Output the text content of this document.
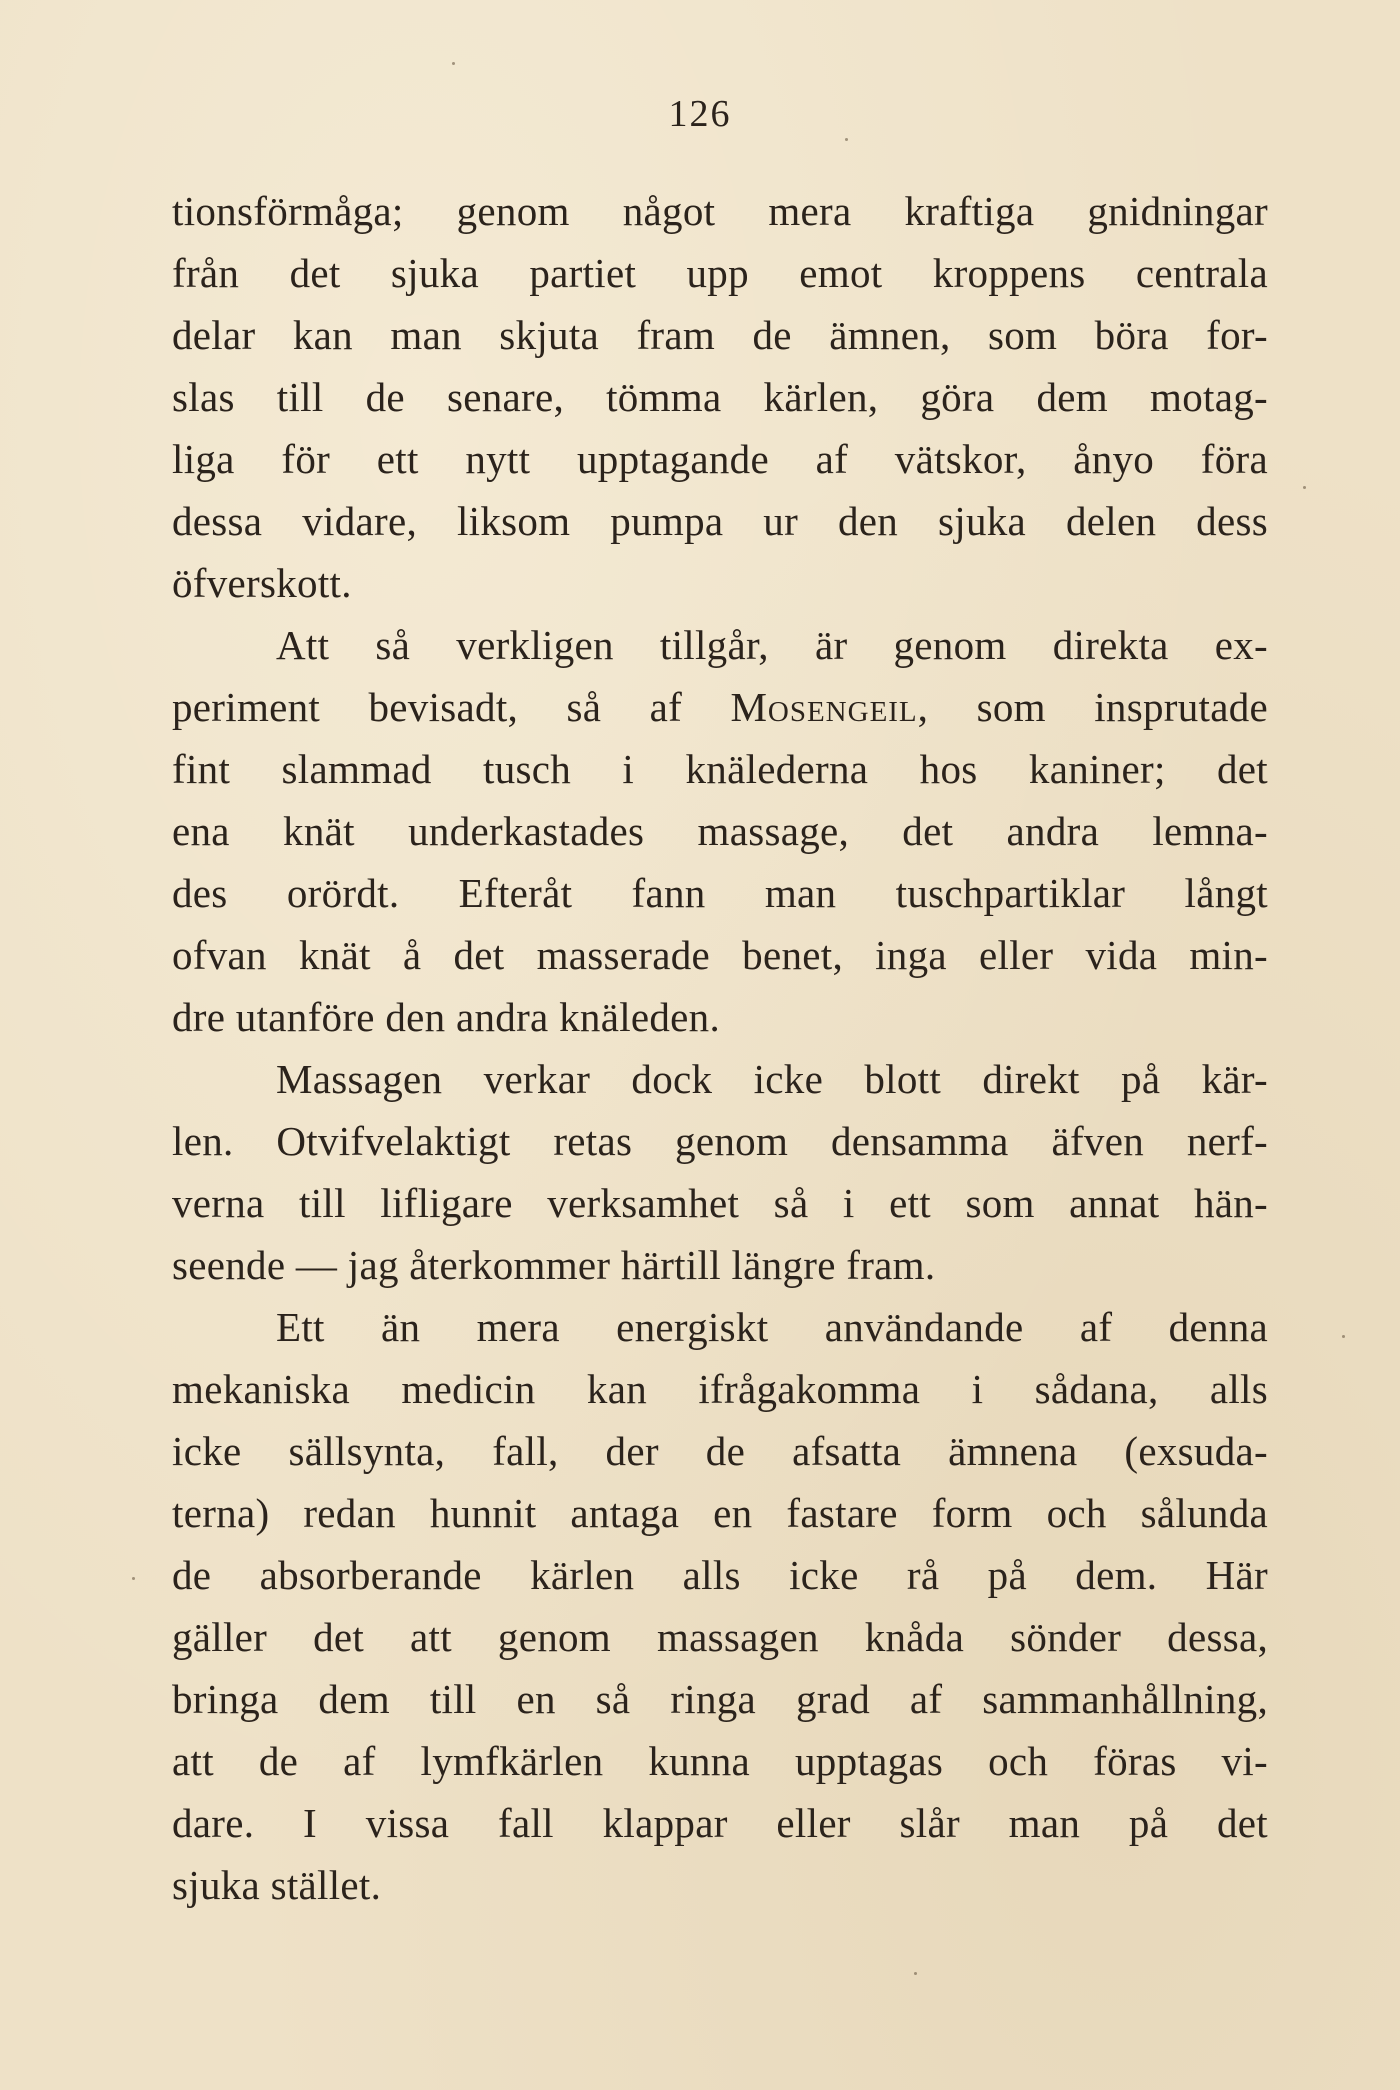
126
tionsförmåga; genom något mera kraftiga gnidningar
från det sjuka partiet upp emot kroppens centrala
delar kan man skjuta fram de ämnen, som böra for-
slas till de senare, tömma kärlen, göra dem motag-
liga för ett nytt upptagande af vätskor, ånyo föra
dessa vidare, liksom pumpa ur den sjuka delen dess
öfverskott.
Att så verkligen tillgår, är genom direkta ex-
periment bevisadt, så af Mosengeil, som insprutade
fint slammad tusch i knälederna hos kaniner; det
ena knät underkastades massage, det andra lemna-
des orördt. Efteråt fann man tuschpartiklar långt
ofvan knät å det masserade benet, inga eller vida min-
dre utanföre den andra knäleden.
Massagen verkar dock icke blott direkt på kär-
len. Otvifvelaktigt retas genom densamma äfven nerf-
verna till lifligare verksamhet så i ett som annat hän-
seende — jag återkommer härtill längre fram.
Ett än mera energiskt användande af denna
mekaniska medicin kan ifrågakomma i sådana, alls
icke sällsynta, fall, der de afsatta ämnena (exsuda-
terna) redan hunnit antaga en fastare form och sålunda
de absorberande kärlen alls icke rå på dem. Här
gäller det att genom massagen knåda sönder dessa,
bringa dem till en så ringa grad af sammanhållning,
att de af lymfkärlen kunna upptagas och föras vi-
dare. I vissa fall klappar eller slår man på det
sjuka stället.
